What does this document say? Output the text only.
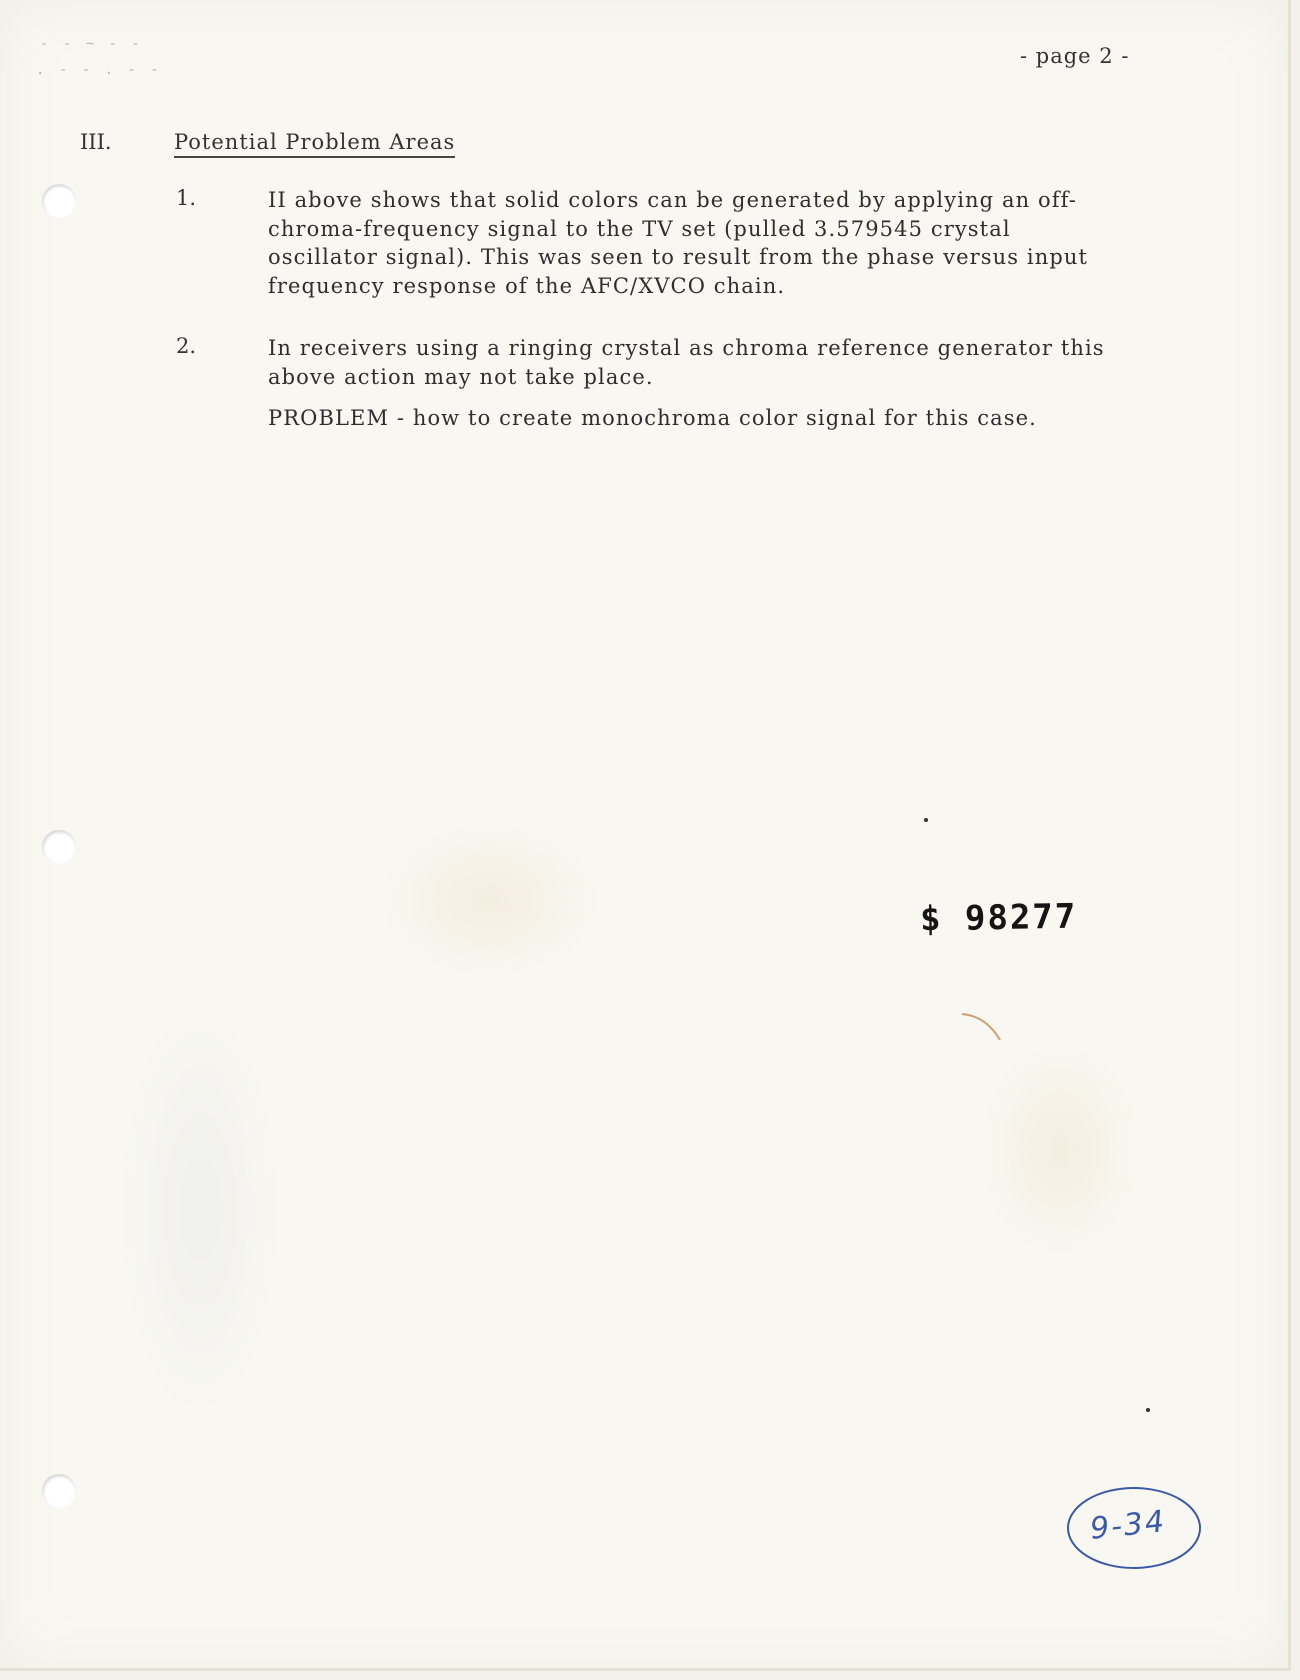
- - ~ - -
. - - . - -
- page 2 -
III.	Potential Problem Areas
1.	II above shows that solid colors can be generated by applying an off-chroma-frequency signal to the TV set (pulled 3.579545 crystal oscillator signal). This was seen to result from the phase versus input frequency response of the AFC/XVCO chain.

2.	In receivers using a ringing crystal as chroma reference generator this above action may not take place.

PROBLEM - how to create monochroma color signal for this case.

$ 98277
9-34
